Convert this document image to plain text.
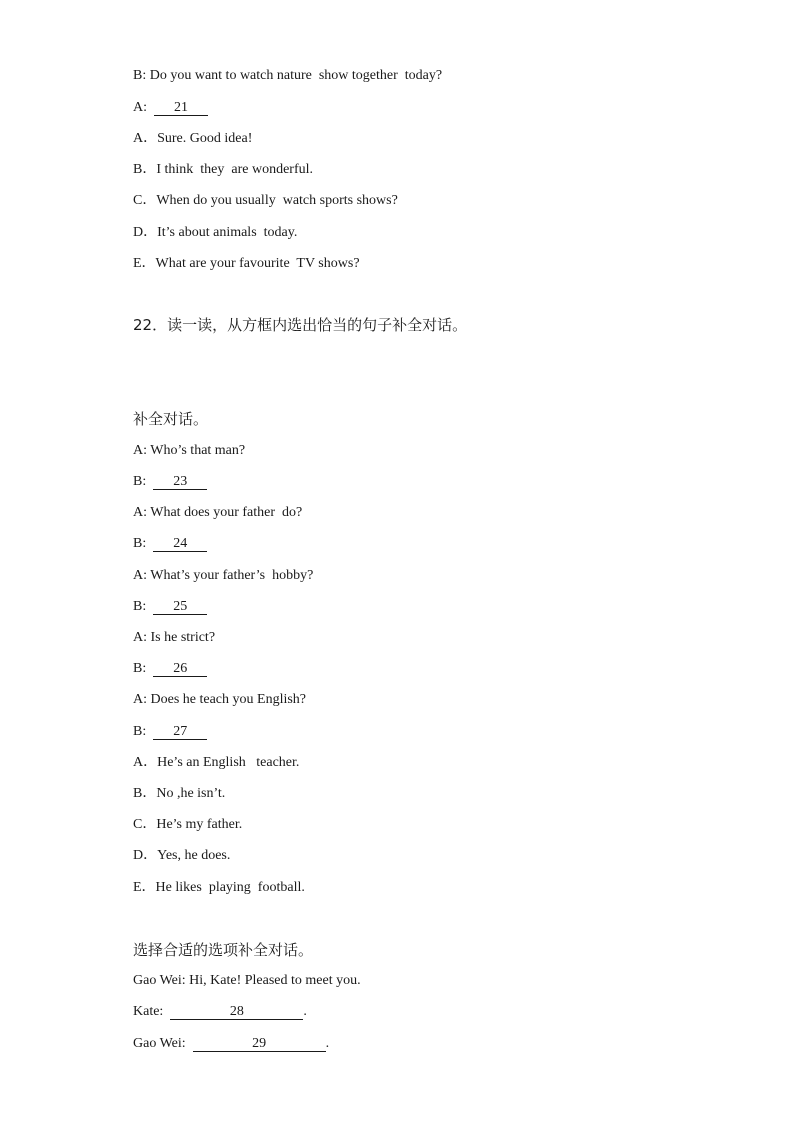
B: Do you want to watch nature  show together  today?
A:  21
A．Sure. Good idea!
B．I think  they  are wonderful.
C．When do you usually  watch sports shows?
D．It’s about animals  today.
E．What are your favourite  TV shows?
22．读一读，从方框内选出恰当的句子补全对话。
补全对话。
A: Who’s that man?
B:  23
A: What does your father  do?
B:  24
A: What’s your father’s  hobby?
B:  25
A: Is he strict?
B:  26
A: Does he teach you English?
B:  27
A．He’s an English   teacher.
B．No ,he isn’t.
C．He’s my father.
D．Yes, he does.
E．He likes  playing  football.
选择合适的选项补全对话。
Gao Wei: Hi, Kate! Pleased to meet you.
Kate:	28	.
Gao Wei:	29	.
